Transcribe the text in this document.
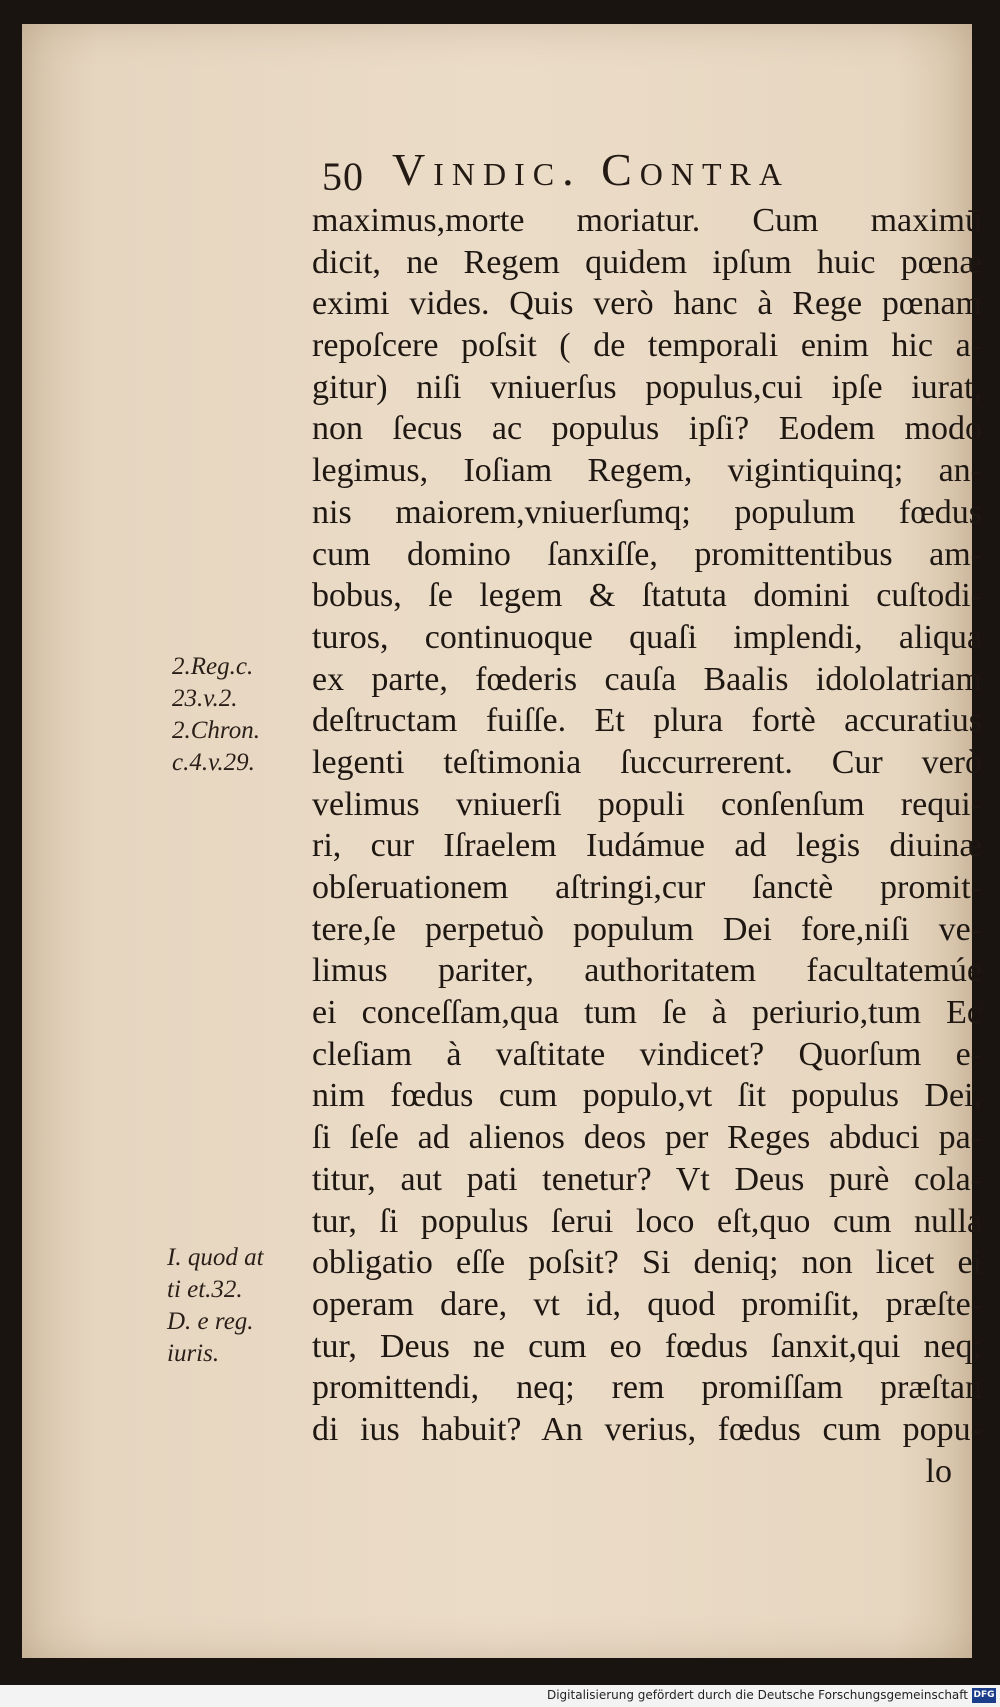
50 Vindic. Contra
maximus,morte moriatur. Cum maximū
dicit, ne Regem quidem ipſum huic pœnæ
eximi vides. Quis verò hanc à Rege pœnam
repoſcere poſsit ( de temporali enim hic a-
gitur) niſi vniuerſus populus,cui ipſe iurat,
non ſecus ac populus ipſi? Eodem modo
legimus, Ioſiam Regem, vigintiquinq; an-
nis maiorem,vniuerſumq; populum fœdus
cum domino ſanxiſſe, promittentibus am-
bobus, ſe legem & ſtatuta domini cuſtodi-
turos, continuoque quaſi implendi, aliqua
ex parte, fœderis cauſa Baalis idololatriam
deſtructam fuiſſe. Et plura fortè accuratius
legenti teſtimonia ſuccurrerent. Cur verò
velimus vniuerſi populi conſenſum requi-
ri, cur Iſraelem Iudámue ad legis diuinæ
obſeruationem aſtringi,cur ſanctè promit-
tere,ſe perpetuò populum Dei fore,niſi ve-
limus pariter, authoritatem facultatemúe
ei conceſſam,qua tum ſe à periurio,tum Ec
cleſiam à vaſtitate vindicet? Quorſum e-
nim fœdus cum populo,vt ſit populus Dei,
ſi ſeſe ad alienos deos per Reges abduci pa-
titur, aut pati tenetur? Vt Deus purè cola-
tur, ſi populus ſerui loco eſt,quo cum nulla
obligatio eſſe poſsit? Si deniq; non licet ei
operam dare, vt id, quod promiſit, præſte-
tur, Deus ne cum eo fœdus ſanxit,qui neq;
promittendi, neq; rem promiſſam præſtan
di ius habuit? An verius, fœdus cum popu-
lo
2.Reg.c.
23.v.2.
2.Chron.
c.4.v.29.
I. quod at
ti et.32.
D. e reg.
iuris.
Digitalisierung gefördert durch die Deutsche Forschungsgemeinschaft DFG
